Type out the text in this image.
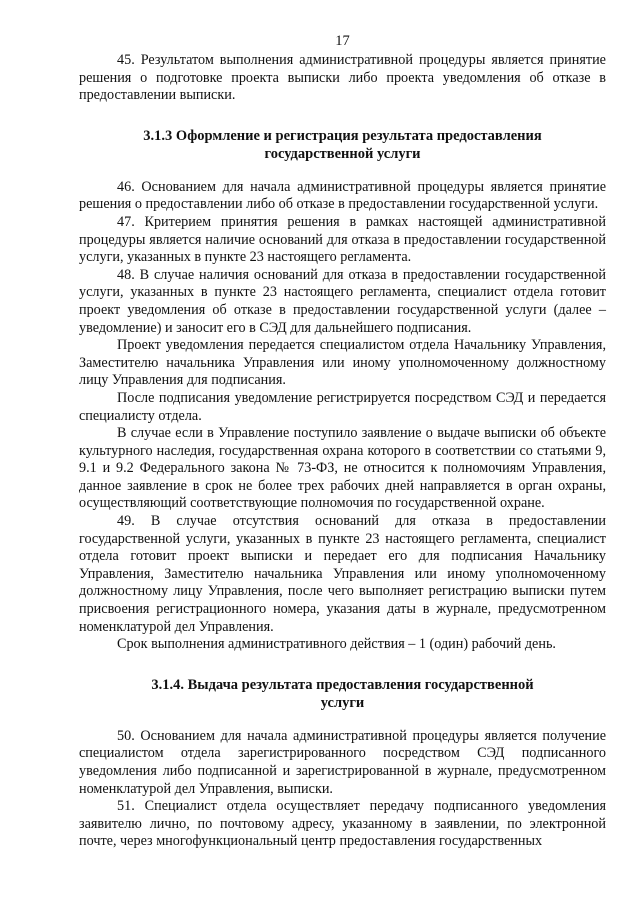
17

45. Результатом выполнения административной процедуры является принятие решения о подготовке проекта выписки либо проекта уведомления об отказе в предоставлении выписки.

3.1.3 Оформление и регистрация результата предоставления государственной услуги

46. Основанием для начала административной процедуры является принятие решения о предоставлении либо об отказе в предоставлении государственной услуги.

47. Критерием принятия решения в рамках настоящей административной процедуры является наличие оснований для отказа в предоставлении государственной услуги, указанных в пункте 23 настоящего регламента.

48. В случае наличия оснований для отказа в предоставлении государственной услуги, указанных в пункте 23 настоящего регламента, специалист отдела готовит проект уведомления об отказе в предоставлении государственной услуги (далее – уведомление) и заносит его в СЭД для дальнейшего подписания.

Проект уведомления передается специалистом отдела Начальнику Управления, Заместителю начальника Управления или иному уполномоченному должностному лицу Управления для подписания.

После подписания уведомление регистрируется посредством СЭД и передается специалисту отдела.

В случае если в Управление поступило заявление о выдаче выписки об объекте культурного наследия, государственная охрана которого в соответствии со статьями 9, 9.1 и 9.2 Федерального закона № 73-ФЗ, не относится к полномочиям Управления, данное заявление в срок не более трех рабочих дней направляется в орган охраны, осуществляющий соответствующие полномочия по государственной охране.

49. В случае отсутствия оснований для отказа в предоставлении государственной услуги, указанных в пункте 23 настоящего регламента, специалист отдела готовит проект выписки и передает его для подписания Начальнику Управления, Заместителю начальника Управления или иному уполномоченному должностному лицу Управления, после чего выполняет регистрацию выписки путем присвоения регистрационного номера, указания даты в журнале, предусмотренном номенклатурой дел Управления.

Срок выполнения административного действия – 1 (один) рабочий день.

3.1.4. Выдача результата предоставления государственной услуги

50. Основанием для начала административной процедуры является получение специалистом отдела зарегистрированного посредством СЭД подписанного уведомления либо подписанной и зарегистрированной в журнале, предусмотренном номенклатурой дел Управления, выписки.

51. Специалист отдела осуществляет передачу подписанного уведомления заявителю лично, по почтовому адресу, указанному в заявлении, по электронной почте, через многофункциональный центр предоставления государственных
